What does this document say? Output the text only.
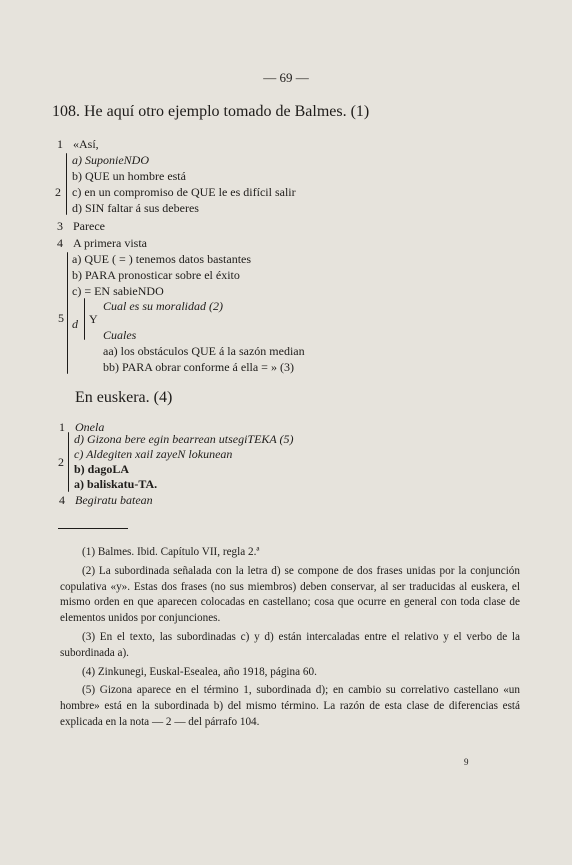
— 69 —
108. He aquí otro ejemplo tomado de Balmes. (1)
1 «Así,
a) SuponieNDO
b) QUE un hombre está
2 c) en un compromiso de QUE le es difícil salir
d) SIN faltar á sus deberes
3 Parece
4 A primera vista
a) QUE ( = ) tenemos datos bastantes
b) PARA pronosticar sobre el éxito
c) = EN sabieNDO
Cual es su moralidad (2)
5 d Y
Cuales
aa) los obstáculos QUE á la sazón median
bb) PARA obrar conforme á ella = » (3)
En euskera. (4)
1 Onela
d) Gizona bere egin bearrean utsegiTEKA (5)
c) Aldegiten xail zayeN lokunean
2 b) dagoLA
a) baliskatu-TA.
4 Begiratu batean

(1) Balmes. Ibid. Capítulo VII, regla 2.ª

(2) La subordinada señalada con la letra d) se compone de dos frases unidas por la conjunción copulativa «y». Estas dos frases (no sus miembros) deben conservar, al ser traducidas al euskera, el mismo orden en que aparecen colocadas en castellano; cosa que ocurre en general con toda clase de elementos unidos por conjunciones.

(3) En el texto, las subordinadas c) y d) están intercaladas entre el relativo y el verbo de la subordinada a).

(4) Zinkunegi, Euskal-Esealea, año 1918, página 60.

(5) Gizona aparece en el término 1, subordinada d); en cambio su correlativo castellano «un hombre» está en la subordinada b) del mismo término. La razón de esta clase de diferencias está explicada en la nota — 2 — del párrafo 104.

9
